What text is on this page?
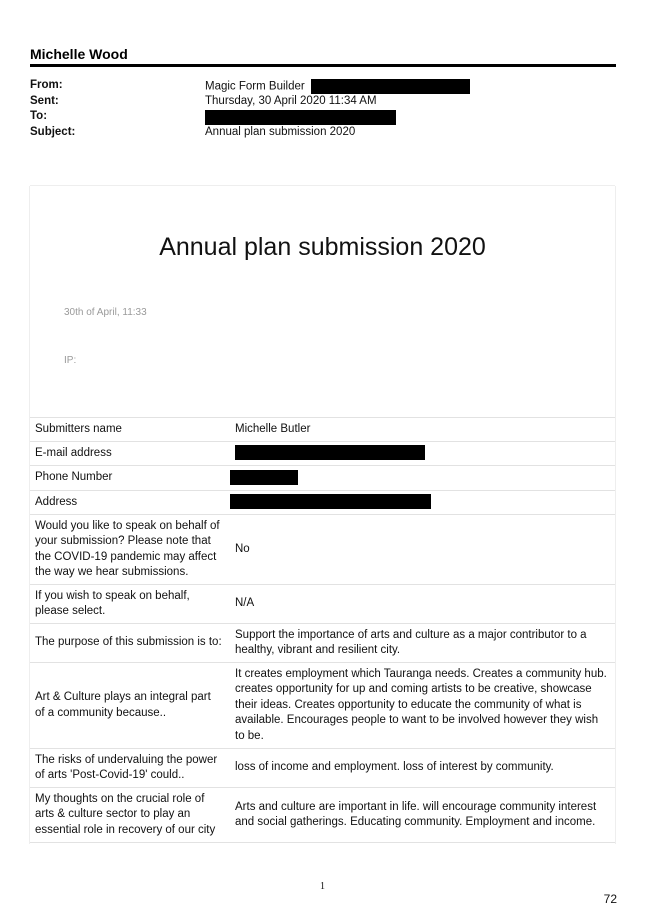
Michelle Wood
From:	Magic Form Builder
Sent:	Thursday, 30 April 2020 11:34 AM
To:
Subject:	Annual plan submission 2020
Annual plan submission 2020
30th of April, 11:33
IP:
Submitters name	Michelle Butler
E-mail address	
Phone Number	
Address	
Would you like to speak on behalf of your submission? Please note that the COVID-19 pandemic may affect the way we hear submissions.	No
If you wish to speak on behalf, please select.	N/A
The purpose of this submission is to:	Support the importance of arts and culture as a major contributor to a healthy, vibrant and resilient city.
Art & Culture plays an integral part of a community because..	It creates employment which Tauranga needs. Creates a community hub. creates opportunity for up and coming artists to be creative, showcase their ideas. Creates opportunity to educate the community of what is available. Encourages people to want to be involved however they wish to be.
The risks of undervaluing the power of arts 'Post-Covid-19' could..	loss of income and employment. loss of interest by community.
My thoughts on the crucial role of arts & culture sector to play an essential role in recovery of our city	Arts and culture are important in life. will encourage community interest and social gatherings. Educating community. Employment and income.
1
72
